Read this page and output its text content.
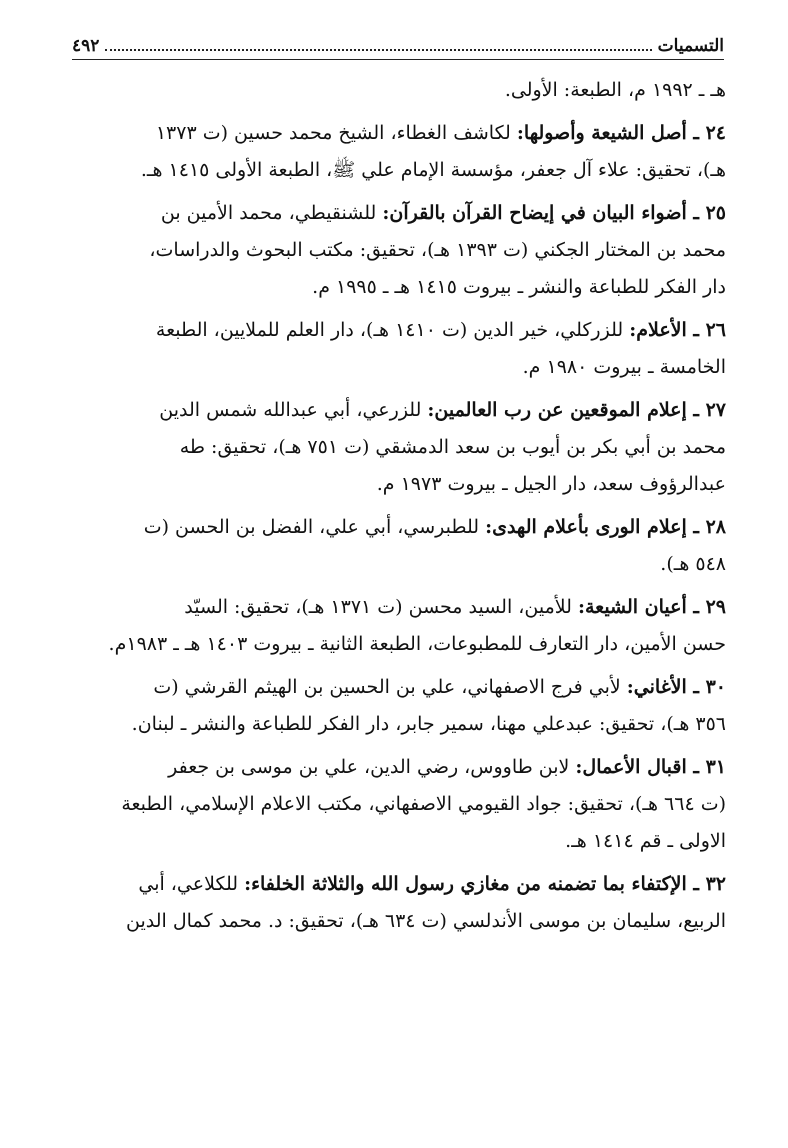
التسميات
٤٩٢
هـ ـ ١٩٩٢ م، الطبعة: الأولى.
٢٤ ـ أصل الشيعة وأصولها: لكاشف الغطاء، الشيخ محمد حسين (ت ١٣٧٣
هـ)، تحقيق: علاء آل جعفر، مؤسسة الإمام علي ﷺ، الطبعة الأولى ١٤١٥ هـ.
٢٥ ـ أضواء البيان في إيضاح القرآن بالقرآن: للشنقيطي، محمد الأمين بن
محمد بن المختار الجكني (ت ١٣٩٣ هـ)، تحقيق: مكتب البحوث والدراسات،
دار الفكر للطباعة والنشر ـ بيروت ١٤١٥ هـ ـ ١٩٩٥ م.
٢٦ ـ الأعلام: للزركلي، خير الدين (ت ١٤١٠ هـ)، دار العلم للملايين، الطبعة
الخامسة ـ بيروت ١٩٨٠ م.
٢٧ ـ إعلام الموقعين عن رب العالمين: للزرعي، أبي عبدالله شمس الدين
محمد بن أبي بكر بن أيوب بن سعد الدمشقي (ت ٧٥١ هـ)، تحقيق: طه
عبدالرؤوف سعد، دار الجيل ـ بيروت ١٩٧٣ م.
٢٨ ـ إعلام الورى بأعلام الهدى: للطبرسي، أبي علي، الفضل بن الحسن (ت
٥٤٨ هـ).
٢٩ ـ أعيان الشيعة: للأمين، السيد محسن (ت ١٣٧١ هـ)، تحقيق: السيّد
حسن الأمين، دار التعارف للمطبوعات، الطبعة الثانية ـ بيروت ١٤٠٣ هـ ـ ١٩٨٣م.
٣٠ ـ الأغاني: لأبي فرج الاصفهاني، علي بن الحسين بن الهيثم القرشي (ت
٣٥٦ هـ)، تحقيق: عبدعلي مهنا، سمير جابر، دار الفكر للطباعة والنشر ـ لبنان.
٣١ ـ اقبال الأعمال: لابن طاووس، رضي الدين، علي بن موسى بن جعفر
(ت ٦٦٤ هـ)، تحقيق: جواد القيومي الاصفهاني، مكتب الاعلام الإسلامي، الطبعة
الاولى ـ قم ١٤١٤ هـ.
٣٢ ـ الإكتفاء بما تضمنه من مغازي رسول الله والثلاثة الخلفاء: للكلاعي، أبي
الربيع، سليمان بن موسى الأندلسي (ت ٦٣٤ هـ)، تحقيق: د. محمد كمال الدين
